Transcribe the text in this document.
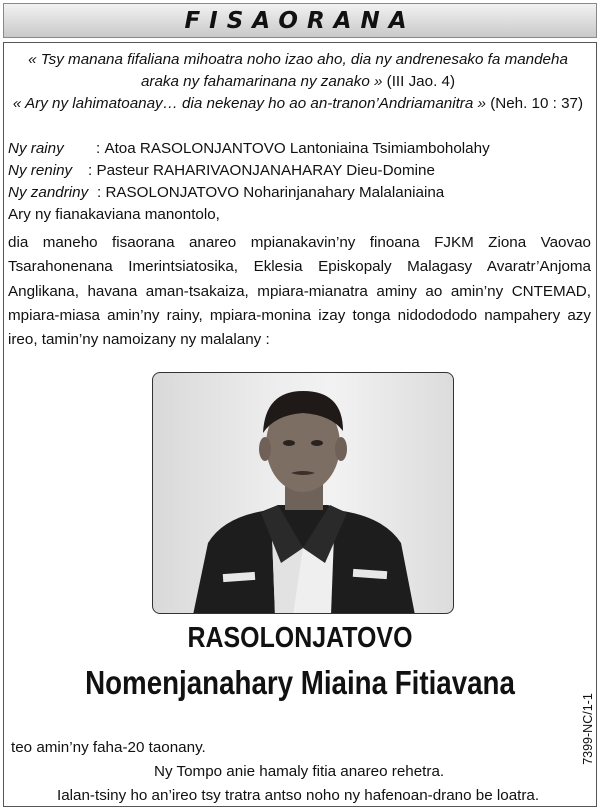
FISAORANA
« Tsy manana fifaliana mihoatra noho izao aho, dia ny andrenesako fa mandeha
araka ny fahamarinana ny zanako » (III Jao. 4)
« Ary ny lahimatoanay… dia nekenay ho ao an-tranon’Andriamanitra » (Neh. 10 : 37)
Ny rainy : Atoa RASOLONJANTOVO Lantoniaina Tsimiamboholahy
Ny reniny : Pasteur RAHARIVAONJANAHARAY Dieu-Domine
Ny zandriny : RASOLONJATOVO Noharinjanahary Malalaniaina
Ary ny fianakaviana manontolo,
dia maneho fisaorana anareo mpianakavin’ny finoana FJKM Ziona Vaovao Tsarahonenana Imerintsiatosika, Eklesia Episkopaly Malagasy Avaratr’Anjoma Anglikana, havana aman-tsakaiza, mpiara-mianatra aminy ao amin’ny CNTEMAD, mpiara-miasa amin’ny rainy, mpiara-monina izay tonga nidodododo nampahery azy ireo, tamin’ny namoizany ny malalany :
RASOLONJATOVO
Nomenjanahary Miaina Fitiavana
7399-NC/1-1
teo amin’ny faha-20 taonany.
Ny Tompo anie hamaly fitia anareo rehetra.
Ialan-tsiny ho an’ireo tsy tratra antso noho ny hafenoan-drano be loatra.
